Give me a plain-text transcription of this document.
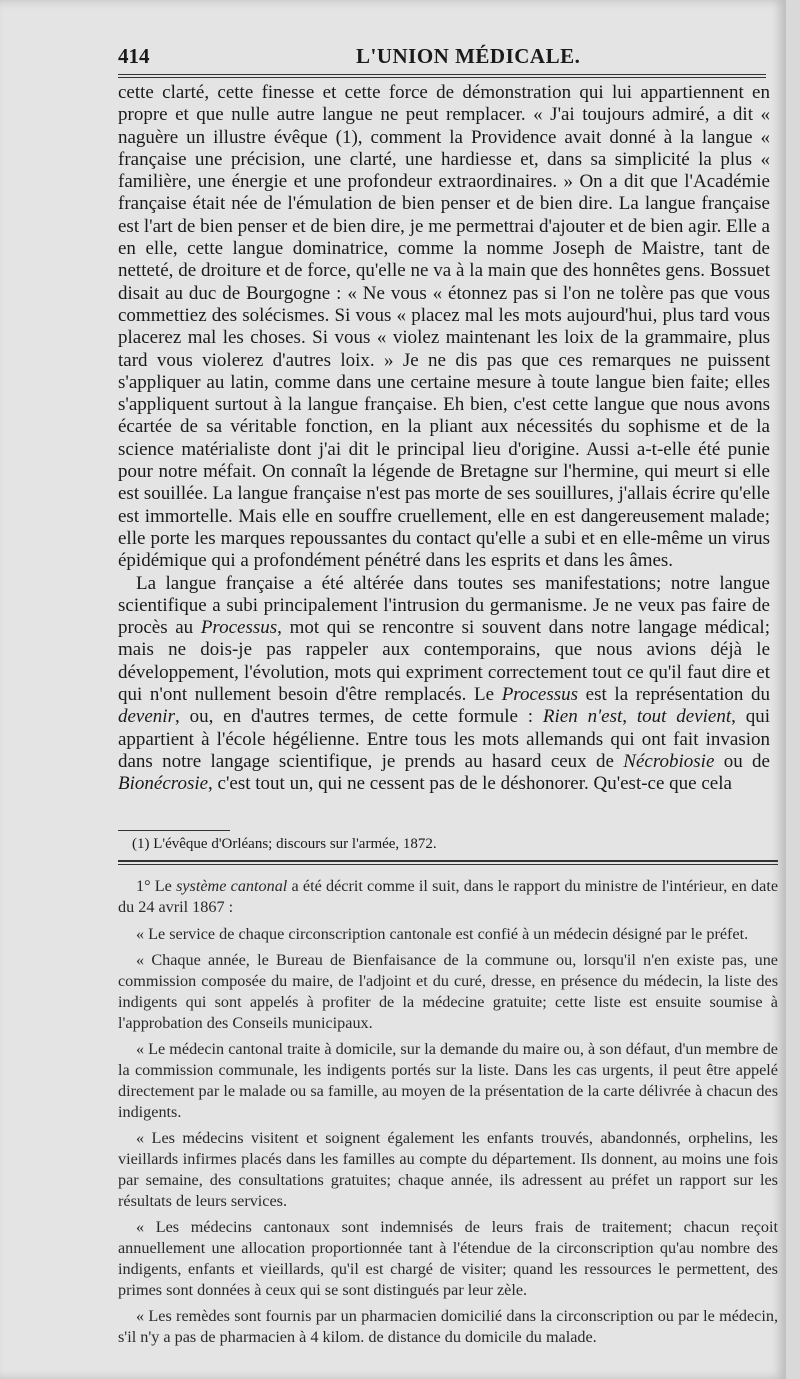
414	L'UNION MÉDICALE.

cette clarté, cette finesse et cette force de démonstration qui lui appartiennent en propre et que nulle autre langue ne peut remplacer. « J'ai toujours admiré, a dit « naguère un illustre évêque (1), comment la Providence avait donné à la langue « française une précision, une clarté, une hardiesse et, dans sa simplicité la plus « familière, une énergie et une profondeur extraordinaires. » On a dit que l'Académie française était née de l'émulation de bien penser et de bien dire. La langue française est l'art de bien penser et de bien dire, je me permettrai d'ajouter et de bien agir. Elle a en elle, cette langue dominatrice, comme la nomme Joseph de Maistre, tant de netteté, de droiture et de force, qu'elle ne va à la main que des honnêtes gens. Bossuet disait au duc de Bourgogne : « Ne vous « étonnez pas si l'on ne tolère pas que vous commettiez des solécismes. Si vous « placez mal les mots aujourd'hui, plus tard vous placerez mal les choses. Si vous « violez maintenant les loix de la grammaire, plus tard vous violerez d'autres loix. » Je ne dis pas que ces remarques ne puissent s'appliquer au latin, comme dans une certaine mesure à toute langue bien faite; elles s'appliquent surtout à la langue française. Eh bien, c'est cette langue que nous avons écartée de sa véritable fonction, en la pliant aux nécessités du sophisme et de la science matérialiste dont j'ai dit le principal lieu d'origine. Aussi a-t-elle été punie pour notre méfait. On connaît la légende de Bretagne sur l'hermine, qui meurt si elle est souillée. La langue française n'est pas morte de ses souillures, j'allais écrire qu'elle est immortelle. Mais elle en souffre cruellement, elle en est dangereusement malade; elle porte les marques repoussantes du contact qu'elle a subi et en elle-même un virus épidémique qui a profondément pénétré dans les esprits et dans les âmes.

La langue française a été altérée dans toutes ses manifestations; notre langue scientifique a subi principalement l'intrusion du germanisme. Je ne veux pas faire de procès au Processus, mot qui se rencontre si souvent dans notre langage médical; mais ne dois-je pas rappeler aux contemporains, que nous avions déjà le développement, l'évolution, mots qui expriment correctement tout ce qu'il faut dire et qui n'ont nullement besoin d'être remplacés. Le Processus est la représentation du devenir, ou, en d'autres termes, de cette formule : Rien n'est, tout devient, qui appartient à l'école hégélienne. Entre tous les mots allemands qui ont fait invasion dans notre langage scientifique, je prends au hasard ceux de Nécrobiosie ou de Bionécrosie, c'est tout un, qui ne cessent pas de le déshonorer. Qu'est-ce que cela

(1) L'évêque d'Orléans; discours sur l'armée, 1872.

1° Le système cantonal a été décrit comme il suit, dans le rapport du ministre de l'intérieur, en date du 24 avril 1867 :

« Le service de chaque circonscription cantonale est confié à un médecin désigné par le préfet.

« Chaque année, le Bureau de Bienfaisance de la commune ou, lorsqu'il n'en existe pas, une commission composée du maire, de l'adjoint et du curé, dresse, en présence du médecin, la liste des indigents qui sont appelés à profiter de la médecine gratuite; cette liste est ensuite soumise à l'approbation des Conseils municipaux.

« Le médecin cantonal traite à domicile, sur la demande du maire ou, à son défaut, d'un membre de la commission communale, les indigents portés sur la liste. Dans les cas urgents, il peut être appelé directement par le malade ou sa famille, au moyen de la présentation de la carte délivrée à chacun des indigents.

« Les médecins visitent et soignent également les enfants trouvés, abandonnés, orphelins, les vieillards infirmes placés dans les familles au compte du département. Ils donnent, au moins une fois par semaine, des consultations gratuites; chaque année, ils adressent au préfet un rapport sur les résultats de leurs services.

« Les médecins cantonaux sont indemnisés de leurs frais de traitement; chacun reçoit annuellement une allocation proportionnée tant à l'étendue de la circonscription qu'au nombre des indigents, enfants et vieillards, qu'il est chargé de visiter; quand les ressources le permettent, des primes sont données à ceux qui se sont distingués par leur zèle.

« Les remèdes sont fournis par un pharmacien domicilié dans la circonscription ou par le médecin, s'il n'y a pas de pharmacien à 4 kilom. de distance du domicile du malade.
